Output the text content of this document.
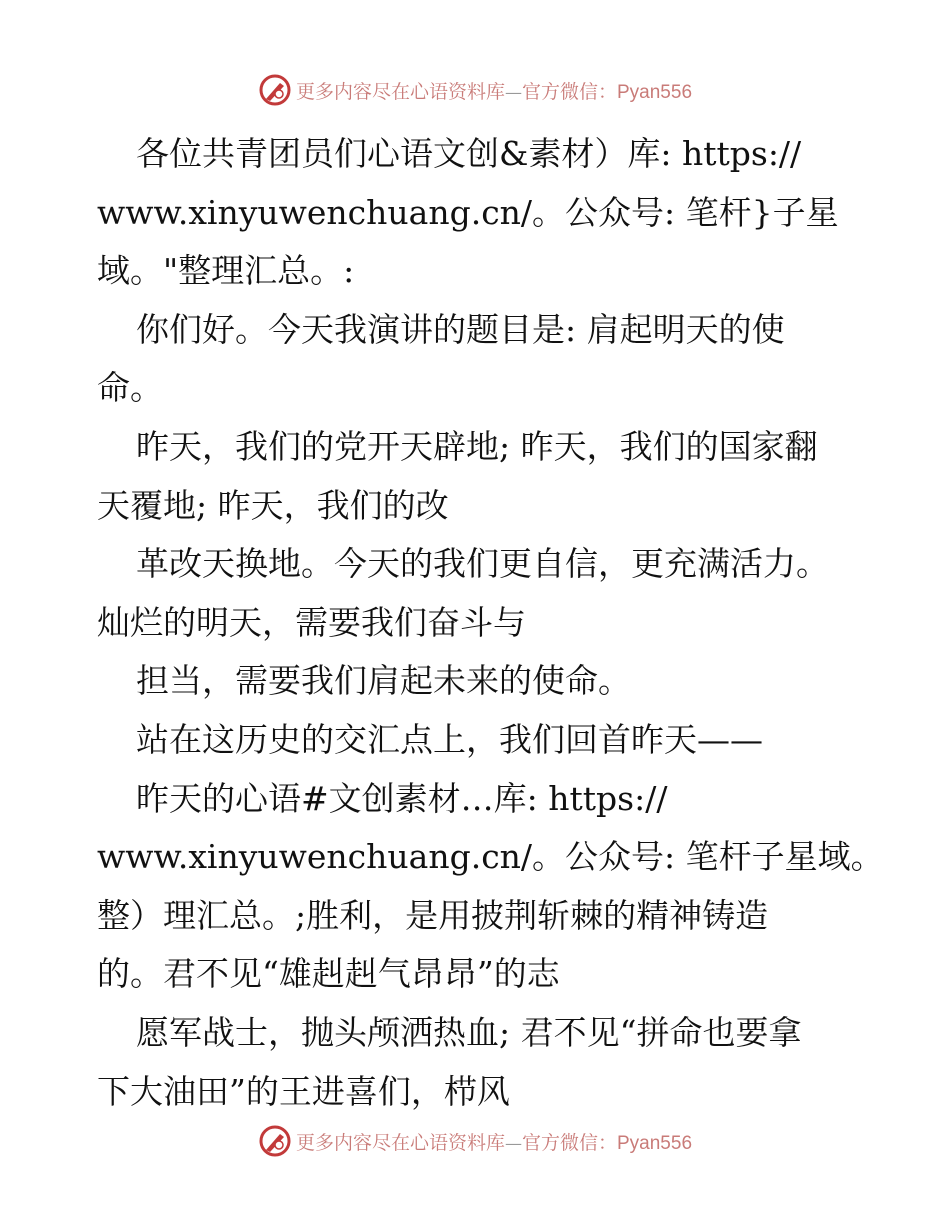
更多内容尽在心语资料库—官方微信：Pyan556
各位共青团员们心语文创&素材）库: https://
www.xinyuwenchuang.cn/。公众号: 笔杆}子星
域。"整理汇总。:
你们好。今天我演讲的题目是: 肩起明天的使
命。
昨天，我们的党开天辟地; 昨天，我们的国家翻
天覆地; 昨天，我们的改
革改天换地。今天的我们更自信，更充满活力。
灿烂的明天，需要我们奋斗与
担当，需要我们肩起未来的使命。
站在这历史的交汇点上，我们回首昨天——
昨天的心语#文创素材…库: https://
www.xinyuwenchuang.cn/。公众号: 笔杆子星域。
整）理汇总。;胜利，是用披荆斩棘的精神铸造
的。君不见“雄赳赳气昂昂”的志
愿军战士，抛头颅洒热血; 君不见“拼命也要拿
下大油田”的王进喜们，栉风
更多内容尽在心语资料库—官方微信：Pyan556
